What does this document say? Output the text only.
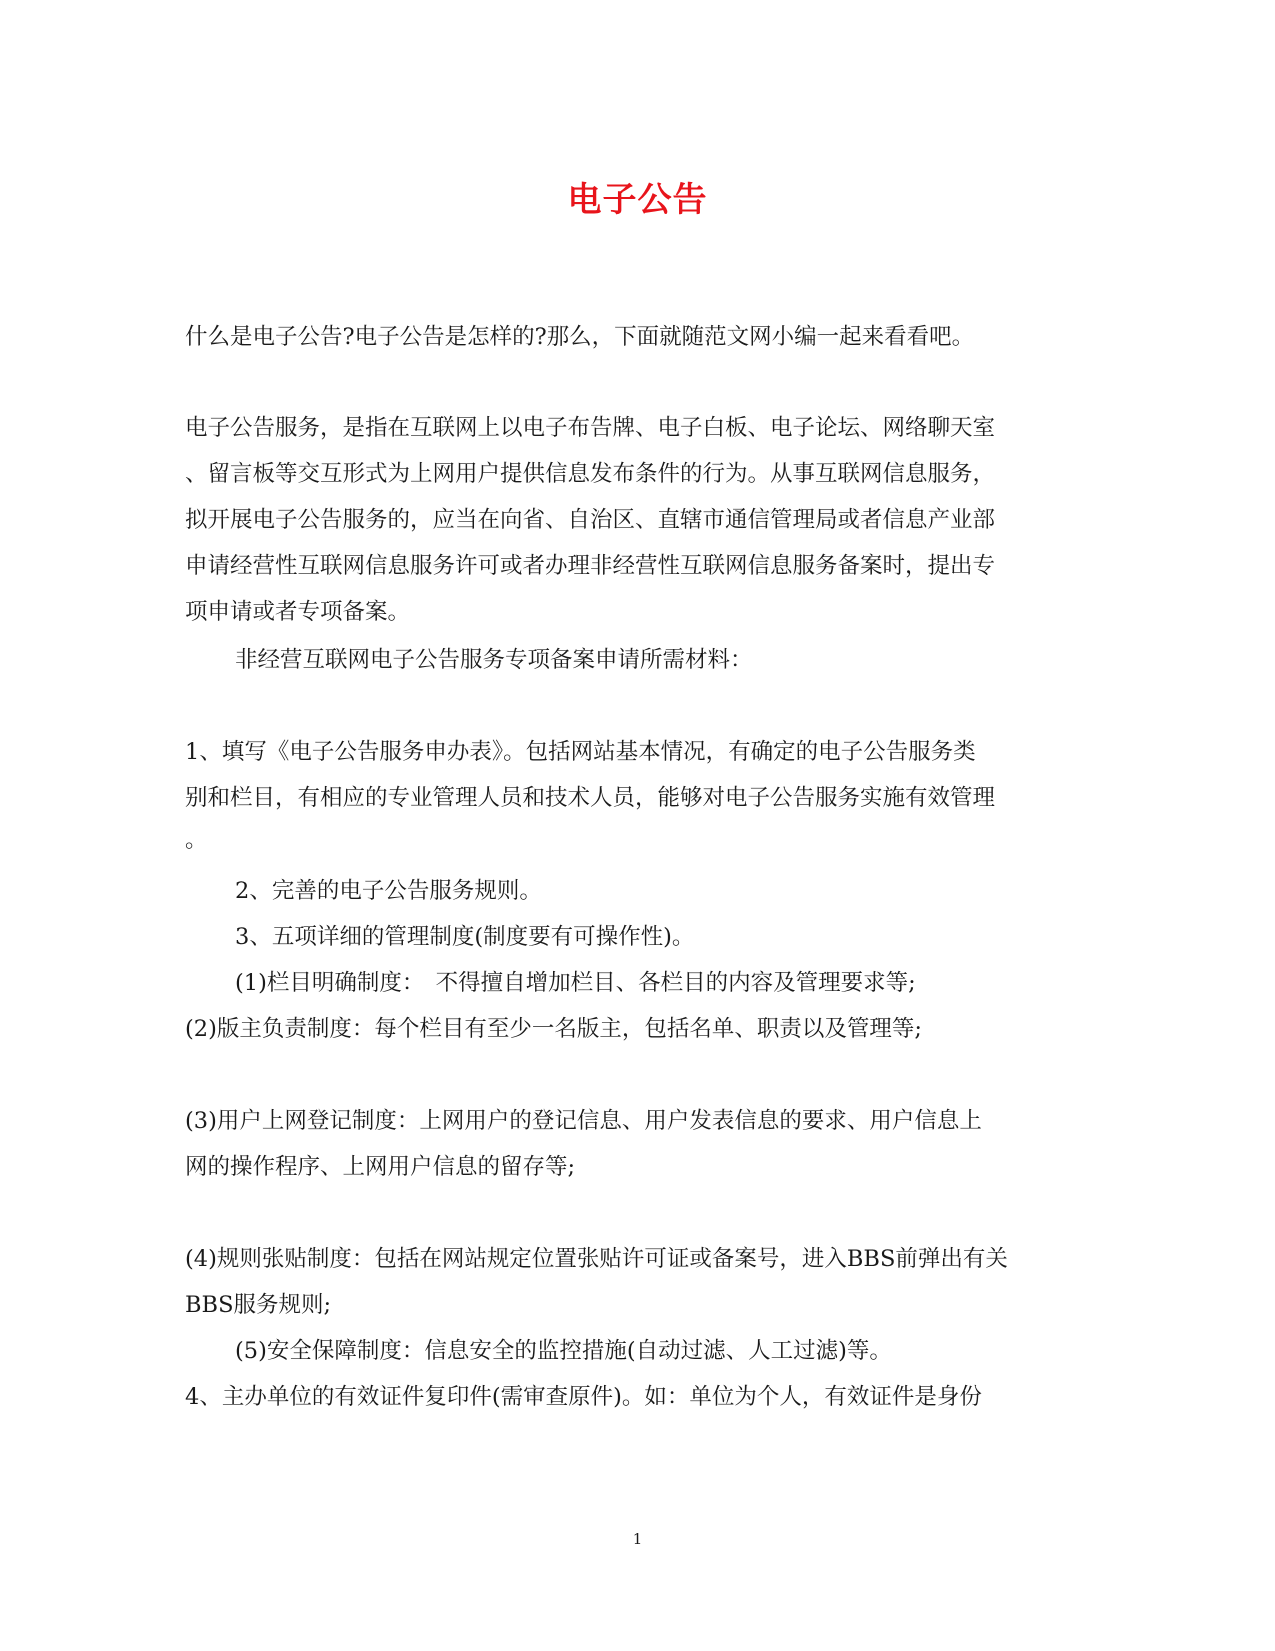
电子公告

什么是电子公告?电子公告是怎样的?那么，下面就随范文网小编一起来看看吧。

电子公告服务，是指在互联网上以电子布告牌、电子白板、电子论坛、网络聊天室

、留言板等交互形式为上网用户提供信息发布条件的行为。从事互联网信息服务，

拟开展电子公告服务的，应当在向省、自治区、直辖市通信管理局或者信息产业部

申请经营性互联网信息服务许可或者办理非经营性互联网信息服务备案时，提出专

项申请或者专项备案。

非经营互联网电子公告服务专项备案申请所需材料：

1、填写《电子公告服务申办表》。包括网站基本情况，有确定的电子公告服务类

别和栏目，有相应的专业管理人员和技术人员，能够对电子公告服务实施有效管理

。

2、完善的电子公告服务规则。

3、五项详细的管理制度(制度要有可操作性)。

(1)栏目明确制度：　不得擅自增加栏目、各栏目的内容及管理要求等;

(2)版主负责制度：每个栏目有至少一名版主，包括名单、职责以及管理等;

(3)用户上网登记制度：上网用户的登记信息、用户发表信息的要求、用户信息上

网的操作程序、上网用户信息的留存等;

(4)规则张贴制度：包括在网站规定位置张贴许可证或备案号，进入BBS前弹出有关

BBS服务规则;

(5)安全保障制度：信息安全的监控措施(自动过滤、人工过滤)等。

4、主办单位的有效证件复印件(需审查原件)。如：单位为个人，有效证件是身份

1
